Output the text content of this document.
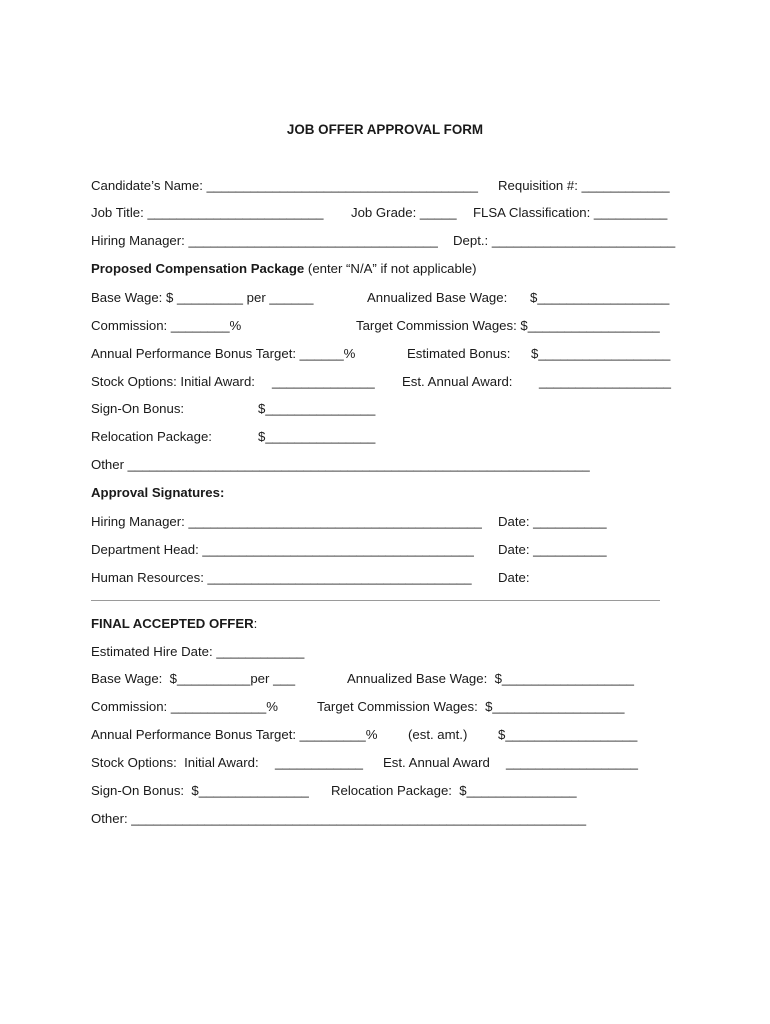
JOB OFFER APPROVAL FORM
Candidate’s Name: _____________________________________ Requisition #: ____________
Job Title: ________________________ Job Grade: _____ FLSA Classification: __________
Hiring Manager: __________________________________ Dept.: _________________________
Proposed Compensation Package (enter “N/A” if not applicable)
Base Wage: $ _________ per ______	Annualized Base Wage: $__________________
Commission: ________%	Target Commission Wages: $__________________
Annual Performance Bonus Target: ______%	Estimated Bonus: $__________________
Stock Options: Initial Award: ______________ Est. Annual Award: __________________
Sign-On Bonus:	$_______________
Relocation Package:	$_______________
Other _______________________________________________________________
Approval Signatures:
Hiring Manager: ________________________________________ Date: __________
Department Head: _____________________________________ Date: __________
Human Resources: ____________________________________ Date:
FINAL ACCEPTED OFFER:
Estimated Hire Date: ____________
Base Wage:  $__________per ___	Annualized Base Wage:  $__________________
Commission: _____________%	Target Commission Wages:  $__________________
Annual Performance Bonus Target: _________% (est. amt.) $__________________
Stock Options:  Initial Award: ____________ Est. Annual Award __________________
Sign-On Bonus:  $_______________ Relocation Package:  $_______________
Other: ______________________________________________________________
